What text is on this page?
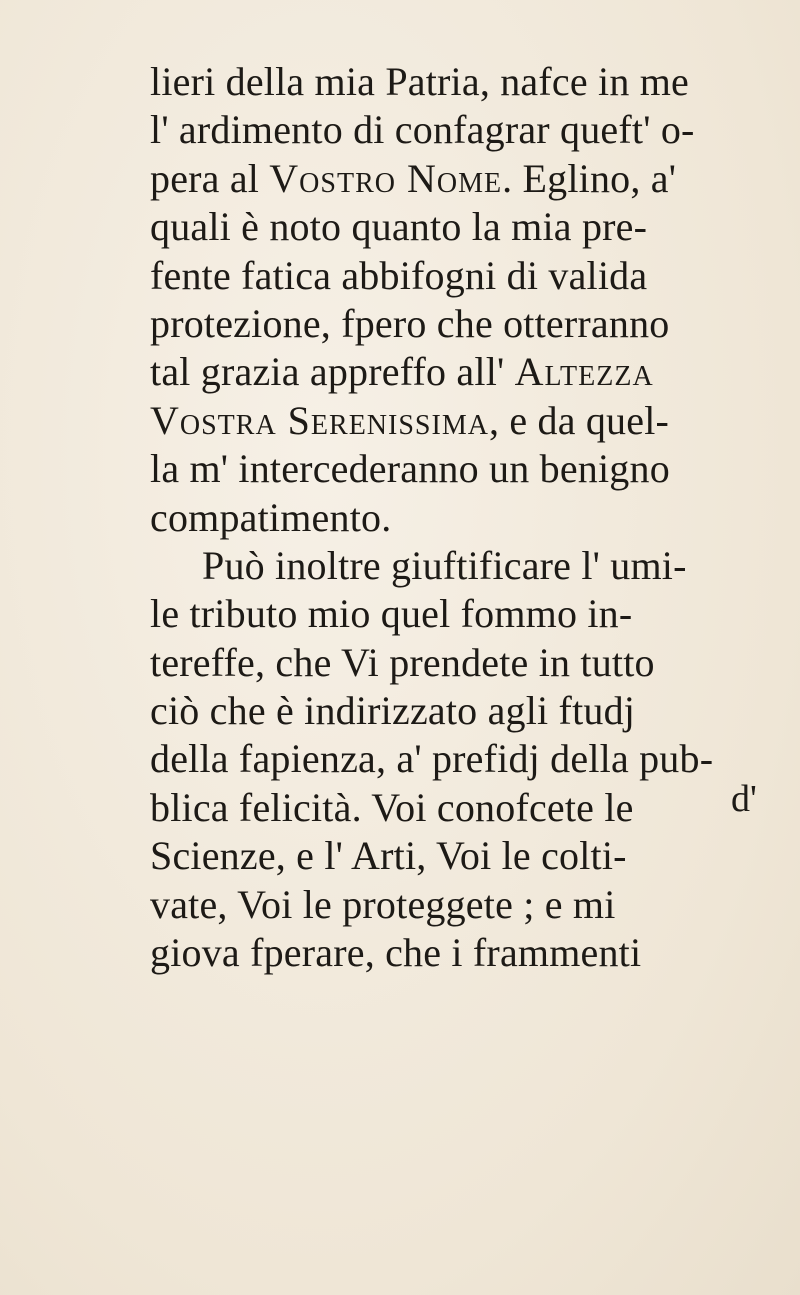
lieri della mia Patria, nafce in me
l' ardimento di confagrar queft' o-
pera al Vostro Nome. Eglino, a'
quali è noto quanto la mia pre-
fente fatica abbifogni di valida
protezione, fpero che otterranno
tal grazia appreffo all' Altezza
Vostra Serenissima, e da quel-
la m' intercederanno un benigno
compatimento.
Può inoltre giuftificare l' umi-
le tributo mio quel fommo in-
tereffe, che Vi prendete in tutto
ciò che è indirizzato agli ftudj
della fapienza, a' prefidj della pub-
blica felicità. Voi conofcete le
Scienze, e l' Arti, Voi le colti-
vate, Voi le proteggete ; e mi
giova fperare, che i frammenti
d'
